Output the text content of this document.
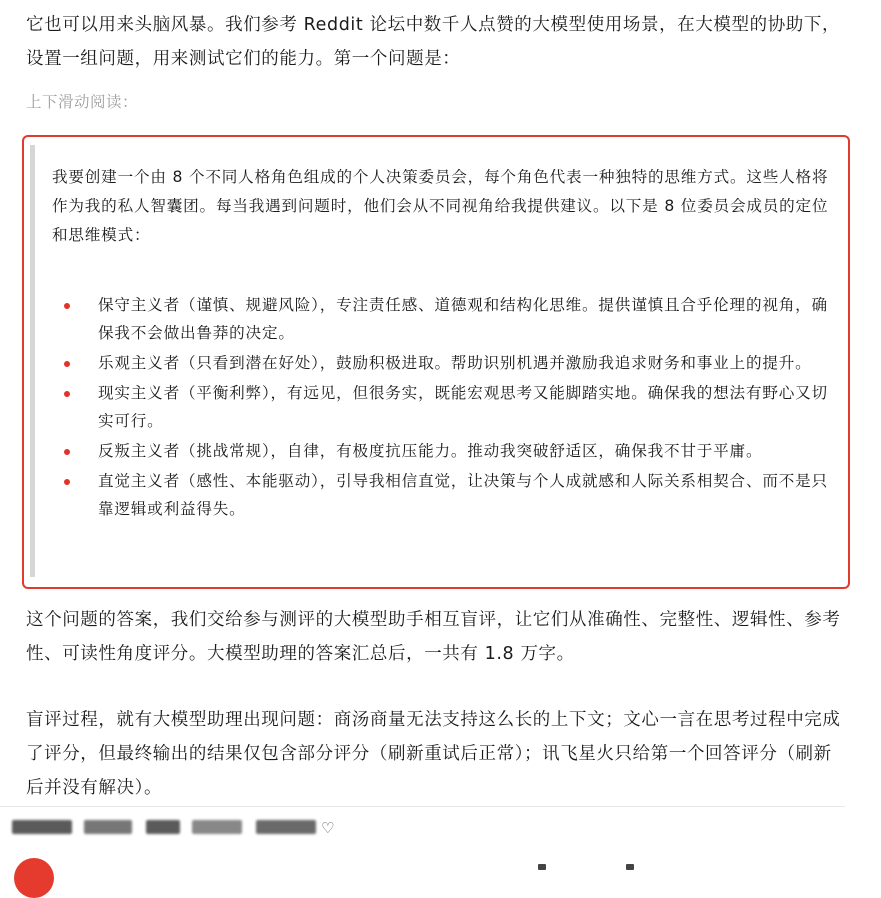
它也可以用来头脑风暴。我们参考 Reddit 论坛中数千人点赞的大模型使用场景，在大模型的协助下，设置一组问题，用来测试它们的能力。第一个问题是：

上下滑动阅读：

我要创建一个由 8 个不同人格角色组成的个人决策委员会，每个角色代表一种独特的思维方式。这些人格将作为我的私人智囊团。每当我遇到问题时，他们会从不同视角给我提供建议。以下是 8 位委员会成员的定位和思维模式：

保守主义者（谨慎、规避风险），专注责任感、道德观和结构化思维。提供谨慎且合乎伦理的视角，确保我不会做出鲁莽的决定。
乐观主义者（只看到潜在好处），鼓励积极进取。帮助识别机遇并激励我追求财务和事业上的提升。
现实主义者（平衡利弊），有远见，但很务实，既能宏观思考又能脚踏实地。确保我的想法有野心又切实可行。
反叛主义者（挑战常规），自律，有极度抗压能力。推动我突破舒适区，确保我不甘于平庸。
直觉主义者（感性、本能驱动），引导我相信直觉，让决策与个人成就感和人际关系相契合、而不是只靠逻辑或利益得失。

这个问题的答案，我们交给参与测评的大模型助手相互盲评，让它们从准确性、完整性、逻辑性、参考性、可读性角度评分。大模型助理的答案汇总后，一共有 1.8 万字。

盲评过程，就有大模型助理出现问题：商汤商量无法支持这么长的上下文；文心一言在思考过程中完成了评分，但最终输出的结果仅包含部分评分（刷新重试后正常）；讯飞星火只给第一个回答评分（刷新后并没有解决）。

♡
